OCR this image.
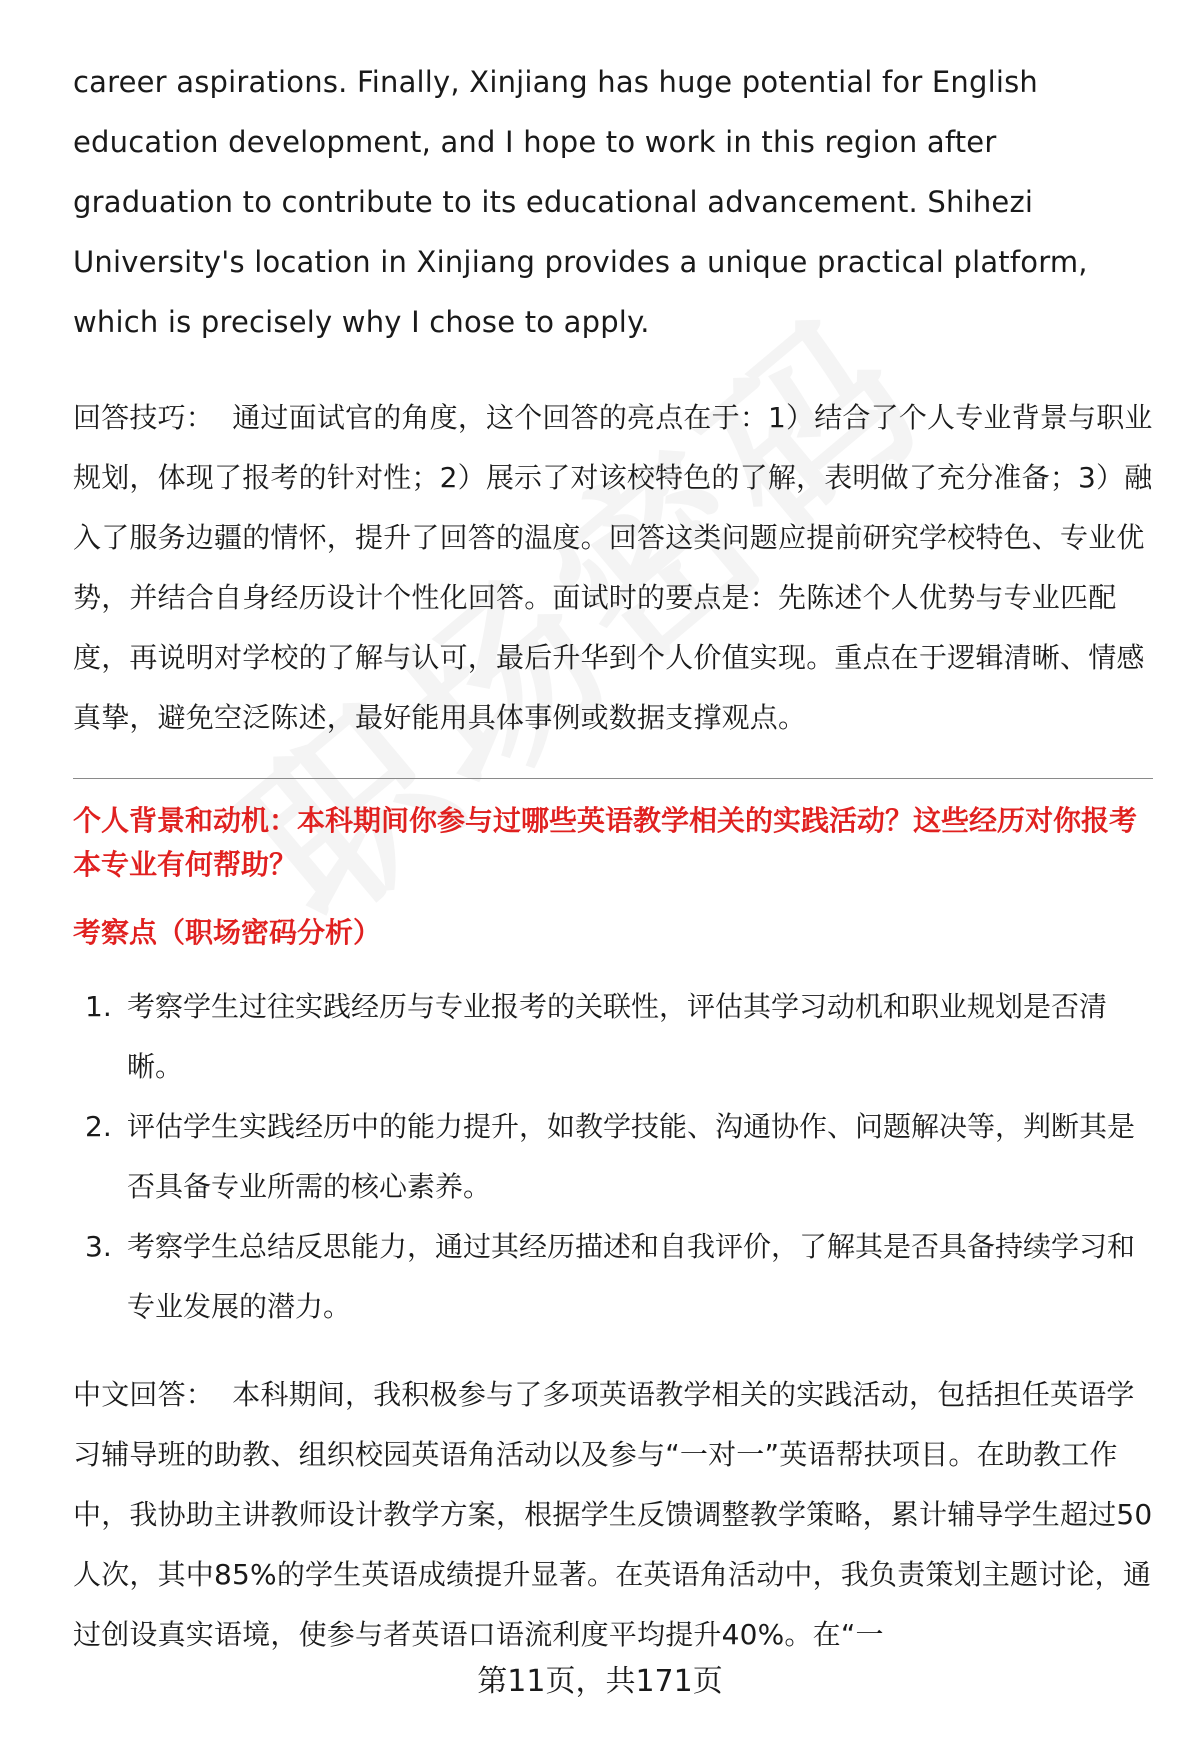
career aspirations. Finally, Xinjiang has huge potential for English education development, and I hope to work in this region after graduation to contribute to its educational advancement. Shihezi University's location in Xinjiang provides a unique practical platform, which is precisely why I chose to apply.

回答技巧： 通过面试官的角度，这个回答的亮点在于：1）结合了个人专业背景与职业规划，体现了报考的针对性；2）展示了对该校特色的了解，表明做了充分准备；3）融入了服务边疆的情怀，提升了回答的温度。回答这类问题应提前研究学校特色、专业优势，并结合自身经历设计个性化回答。面试时的要点是：先陈述个人优势与专业匹配度，再说明对学校的了解与认可，最后升华到个人价值实现。重点在于逻辑清晰、情感真挚，避免空泛陈述，最好能用具体事例或数据支撑观点。

个人背景和动机：本科期间你参与过哪些英语教学相关的实践活动？这些经历对你报考本专业有何帮助？

考察点（职场密码分析）

1. 考察学生过往实践经历与专业报考的关联性，评估其学习动机和职业规划是否清晰。
2. 评估学生实践经历中的能力提升，如教学技能、沟通协作、问题解决等，判断其是否具备专业所需的核心素养。
3. 考察学生总结反思能力，通过其经历描述和自我评价，了解其是否具备持续学习和专业发展的潜力。

中文回答： 本科期间，我积极参与了多项英语教学相关的实践活动，包括担任英语学习辅导班的助教、组织校园英语角活动以及参与“一对一”英语帮扶项目。在助教工作中，我协助主讲教师设计教学方案，根据学生反馈调整教学策略，累计辅导学生超过50人次，其中85%的学生英语成绩提升显著。在英语角活动中，我负责策划主题讨论，通过创设真实语境，使参与者英语口语流利度平均提升40%。在“一

第11页，共171页
